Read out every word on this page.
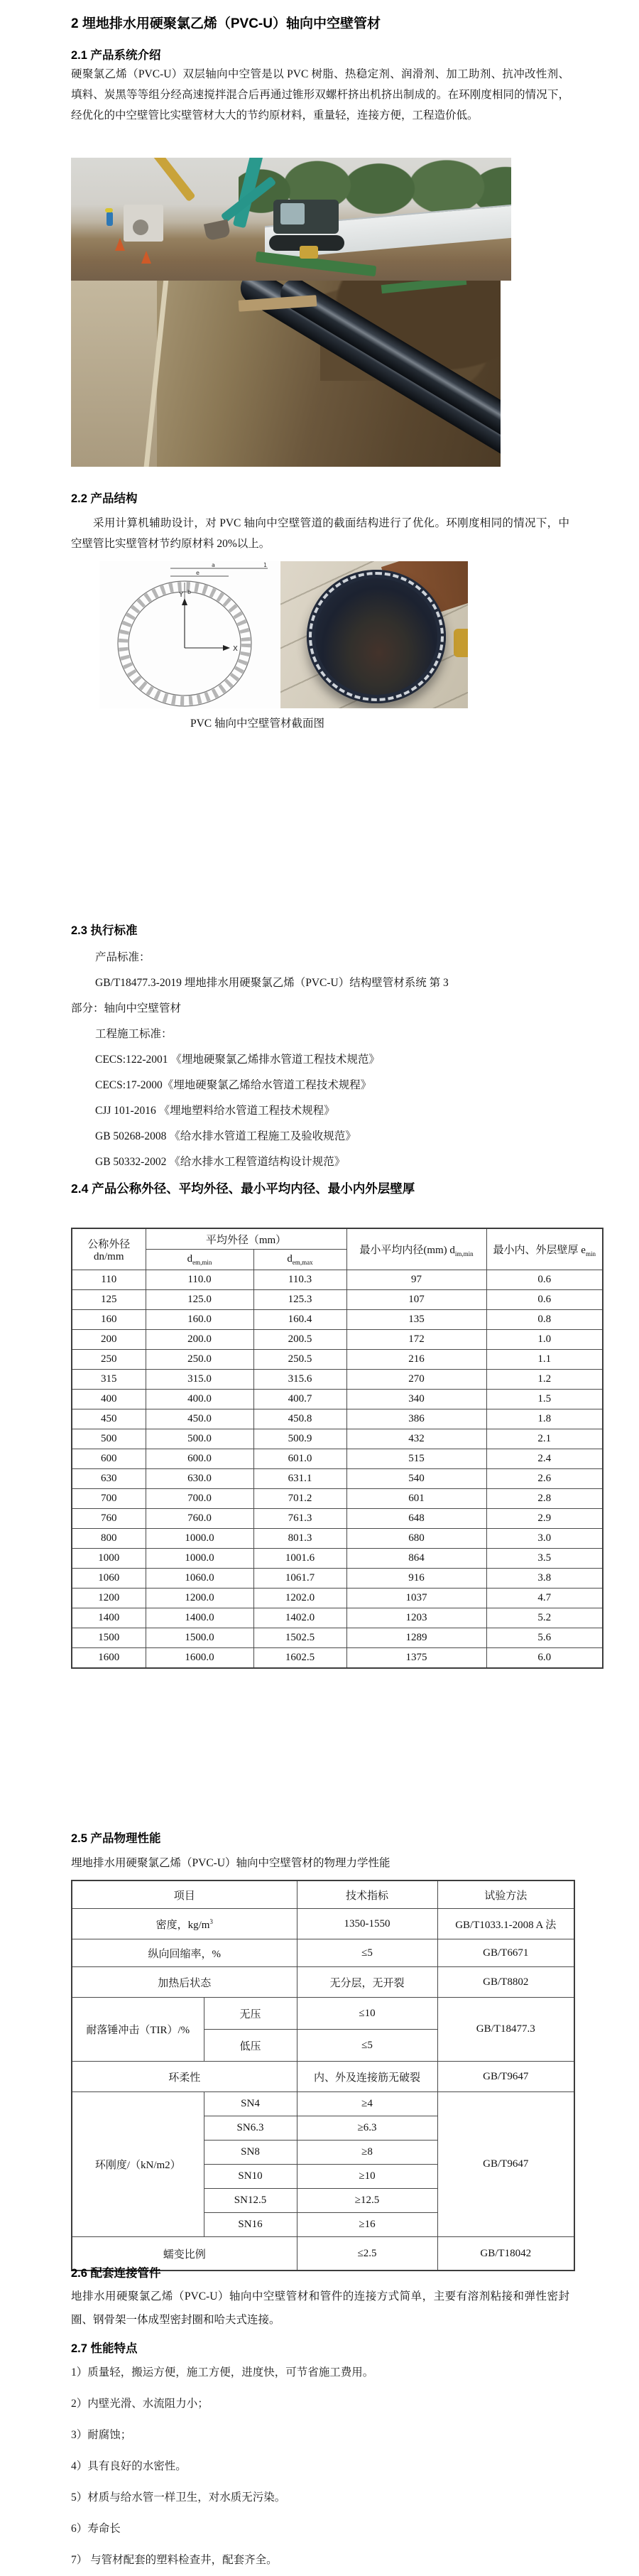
2 埋地排水用硬聚氯乙烯（PVC-U）轴向中空壁管材
2.1 产品系统介绍
硬聚氯乙烯（PVC-U）双层轴向中空管是以 PVC 树脂、热稳定剂、润滑剂、加工助剂、抗冲改性剂、填料、炭黑等等组分经高速搅拌混合后再通过锥形双螺杆挤出机挤出制成的。在环刚度相同的情况下，经优化的中空壁管比实壁管材大大的节约原材料，重量轻，连接方便，工程造价低。
2.2 产品结构
采用计算机辅助设计，对 PVC 轴向中空壁管道的截面结构进行了优化。环刚度相同的情况下，中空壁管比实壁管材节约原材料 20%以上。
Y
X
a	1
e
b
PVC 轴向中空壁管材截面图
2.3 执行标准
产品标准：
GB/T18477.3-2019 埋地排水用硬聚氯乙烯（PVC-U）结构壁管材系统 第 3
部分：轴向中空壁管材
工程施工标准：
CECS:122-2001 《埋地硬聚氯乙烯排水管道工程技术规范》
CECS:17-2000《埋地硬聚氯乙烯给水管道工程技术规程》
CJJ 101-2016 《埋地塑料给水管道工程技术规程》
GB 50268-2008 《给水排水管道工程施工及验收规范》
GB 50332-2002 《给水排水工程管道结构设计规范》
2.4 产品公称外径、平均外径、最小平均内径、最小内外层壁厚
公称外径
dn/mm	平均外径（mm）		最小平均内径(mm) $d_{im,min}$	最小内、外层壁厚 $e_{min}$
	$d_{em,min}$	$d_{em,max}$
110	110.0	110.3	97	0.6
125	125.0	125.3	107	0.6
160	160.0	160.4	135	0.8
200	200.0	200.5	172	1.0
250	250.0	250.5	216	1.1
315	315.0	315.6	270	1.2
400	400.0	400.7	340	1.5
450	450.0	450.8	386	1.8
500	500.0	500.9	432	2.1
600	600.0	601.0	515	2.4
630	630.0	631.1	540	2.6
700	700.0	701.2	601	2.8
760	760.0	761.3	648	2.9
800	1000.0	801.3	680	3.0
1000	1000.0	1001.6	864	3.5
1060	1060.0	1061.7	916	3.8
1200	1200.0	1202.0	1037	4.7
1400	1400.0	1402.0	1203	5.2
1500	1500.0	1502.5	1289	5.6
1600	1600.0	1602.5	1375	6.0
2.5 产品物理性能
埋地排水用硬聚氯乙烯（PVC-U）轴向中空壁管材的物理力学性能
项目		技术指标	试验方法
密度，$kg/m^3$		1350-1550	GB/T1033.1-2008 A 法
纵向回缩率，%		≤5	GB/T6671
加热后状态		无分层，无开裂	GB/T8802
耐落锤冲击（TIR）/%	无压	≤10	GB/T18477.3
	低压	≤5	
环柔性		内、外及连接筋无破裂	GB/T9647
环刚度/（kN/m2）	SN4	≥4	GB/T9647
	SN6.3	≥6.3	
	SN8	≥8	
	SN10	≥10	
	SN12.5	≥12.5	
	SN16	≥16	
蠕变比例		≤2.5	GB/T18042
2.6 配套连接管件
地排水用硬聚氯乙烯（PVC-U）轴向中空壁管材和管件的连接方式简单，主要有溶剂粘接和弹性密封圈、钢骨架一体成型密封圈和哈夫式连接。
2.7 性能特点
1）质量轻，搬运方便，施工方便，进度快，可节省施工费用。
2）内壁光滑、水流阻力小；
3）耐腐蚀；
4）具有良好的水密性。
5）材质与给水管一样卫生，对水质无污染。
6）寿命长
7） 与管材配套的塑料检查井，配套齐全。
